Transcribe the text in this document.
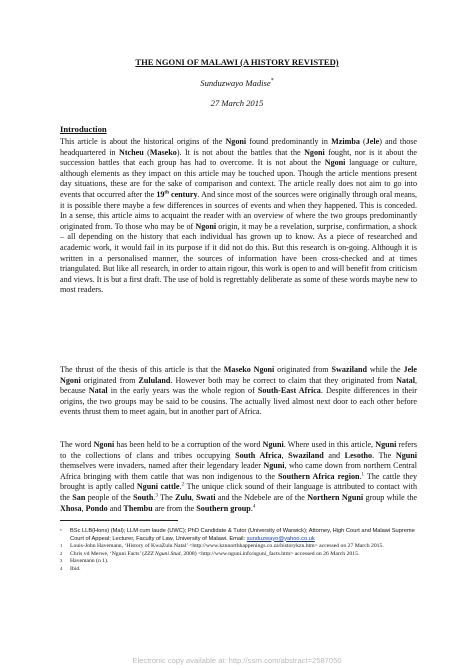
THE NGONI OF MALAWI (A HISTORY REVISTED)
Sunduzwayo Madise*
27 March 2015
Introduction

This article is about the historical origins of the Ngoni found predominantly in Mzimba (Jele) and those headquartered in Ntcheu (Maseko). It is not about the battles that the Ngoni fought, nor is it about the succession battles that each group has had to overcome. It is not about the Ngoni language or culture, although elements as they impact on this article may be touched upon. Though the article mentions present day situations, these are for the sake of comparison and context. The article really does not aim to go into events that occurred after the 19th century. And since most of the sources were originally through oral means, it is possible there maybe a few differences in sources of events and when they happened. This is conceded. In a sense, this article aims to acquaint the reader with an overview of where the two groups predominantly originated from. To those who may be of Ngoni origin, it may be a revelation, surprise, confirmation, a shock – all depending on the history that each individual has grown up to know. As a piece of researched and academic work, it would fail in its purpose if it did not do this. But this research is on-going. Although it is written in a personalised manner, the sources of information have been cross-checked and at times triangulated. But like all research, in order to attain rigour, this work is open to and will benefit from criticism and views. It is but a first draft. The use of bold is regrettably deliberate as some of these words maybe new to most readers.

The thrust of the thesis of this article is that the Maseko Ngoni originated from Swaziland while the Jele Ngoni originated from Zululand. However both may be correct to claim that they originated from Natal, because Natal in the early years was the whole region of South-East Africa. Despite differences in their origins, the two groups may be said to be cousins. The actually lived almost next door to each other before events thrust them to meet again, but in another part of Africa.

The word Ngoni has been held to be a corruption of the word Nguni. Where used in this article, Nguni refers to the collections of clans and tribes occupying South Africa, Swaziland and Lesotho. The Nguni themselves were invaders, named after their legendary leader Nguni, who came down from northern Central Africa bringing with them cattle that was non indigenous to the Southern Africa region.$^1$ The cattle they brought is aptly called Nguni cattle.$^2$ The unique click sound of their language is attributed to contact with the San people of the South.$^3$ The Zulu, Swati and the Ndebele are of the Northern Nguni group while the Xhosa, Pondo and Thembu are from the Southern group.$^4$

*	BSc LLB(Hons) (Mal); LLM cum laude (UWC); PhD Candidate & Tutor (University of Warwick); Attorney, High Court and Malawi Supreme Court of Appeal; Lecturer, Faculty of Law, University of Malawi. Email: sunduzwayo@yahoo.co.uk
1	Louis-John Havemann, ‘History of KwaZulu Natal’ <http://www.kznnorthhappenings.co.za/historykzn.htm> accessed on 27 March 2015.
2	Chris vd Merwe, ‘Nguni Facts’ (ZZZ Nguni Stud, 2008) <http://www.nguni.info/nguni_facts.htm> accessed on 26 March 2015.
3	Havemann (n 1).
4	Ibid.
Electronic copy available at: http://ssrn.com/abstract=2587050
